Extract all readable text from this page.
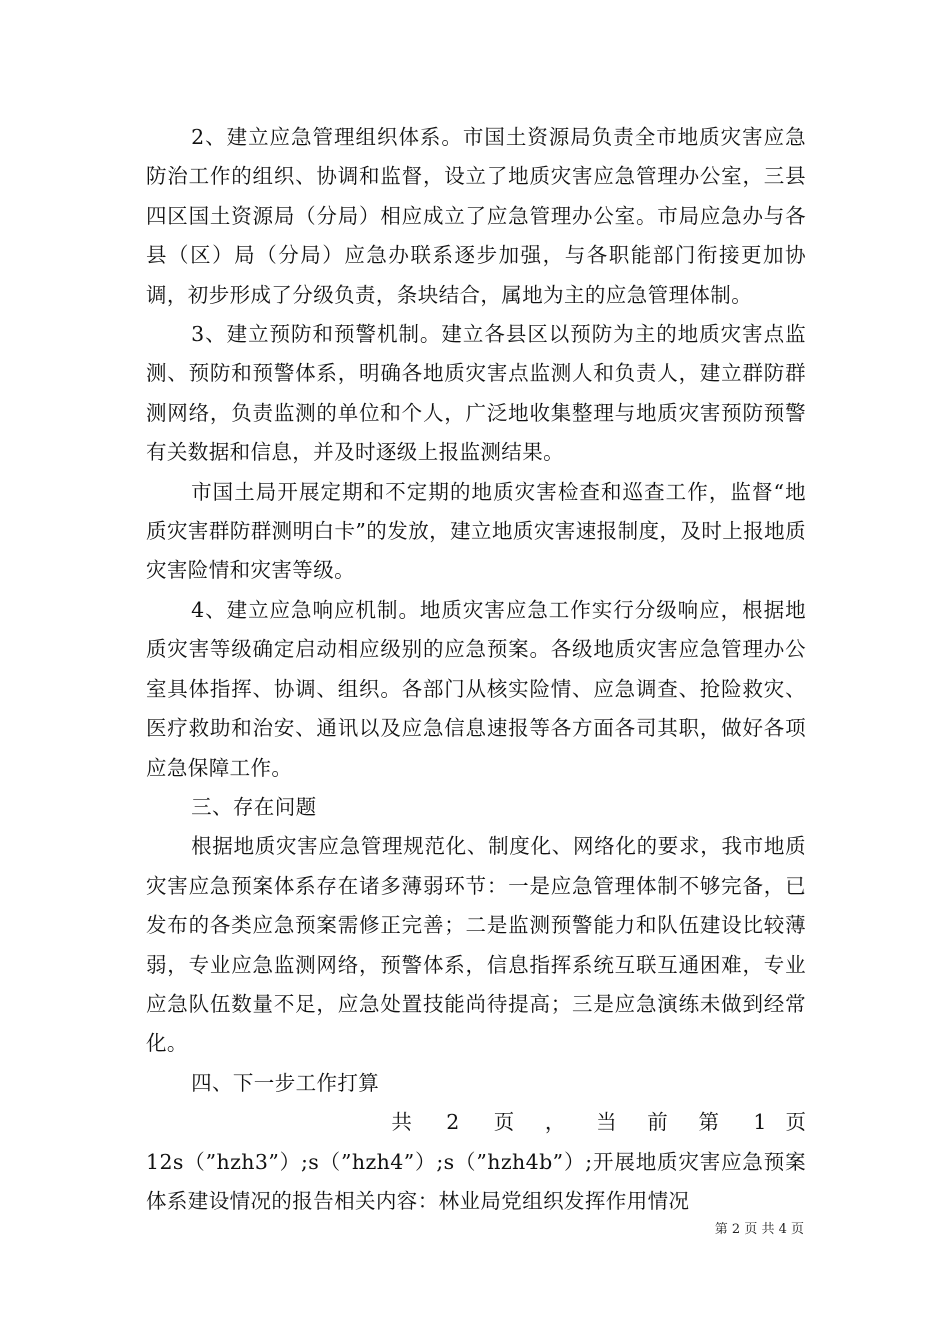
2、建立应急管理组织体系。市国土资源局负责全市地质灾害应急防治工作的组织、协调和监督，设立了地质灾害应急管理办公室，三县四区国土资源局（分局）相应成立了应急管理办公室。市局应急办与各县（区）局（分局）应急办联系逐步加强，与各职能部门衔接更加协调，初步形成了分级负责，条块结合，属地为主的应急管理体制。

3、建立预防和预警机制。建立各县区以预防为主的地质灾害点监测、预防和预警体系，明确各地质灾害点监测人和负责人，建立群防群测网络，负责监测的单位和个人，广泛地收集整理与地质灾害预防预警有关数据和信息，并及时逐级上报监测结果。

市国土局开展定期和不定期的地质灾害检查和巡查工作，监督“地质灾害群防群测明白卡”的发放，建立地质灾害速报制度，及时上报地质灾害险情和灾害等级。

4、建立应急响应机制。地质灾害应急工作实行分级响应，根据地质灾害等级确定启动相应级别的应急预案。各级地质灾害应急管理办公室具体指挥、协调、组织。各部门从核实险情、应急调查、抢险救灾、医疗救助和治安、通讯以及应急信息速报等各方面各司其职，做好各项应急保障工作。

三、存在问题

根据地质灾害应急管理规范化、制度化、网络化的要求，我市地质灾害应急预案体系存在诸多薄弱环节：一是应急管理体制不够完备，已发布的各类应急预案需修正完善；二是监测预警能力和队伍建设比较薄弱，专业应急监测网络，预警体系，信息指挥系统互联互通困难，专业应急队伍数量不足，应急处置技能尚待提高；三是应急演练未做到经常化。

四、下一步工作打算

共	2	页	，	当	前	第	1 页

12s（”hzh3”）;s（”hzh4”）;s（”hzh4b”）;开展地质灾害应急预案体系建设情况的报告相关内容：林业局党组织发挥作用情况

第 2 页 共 4 页
